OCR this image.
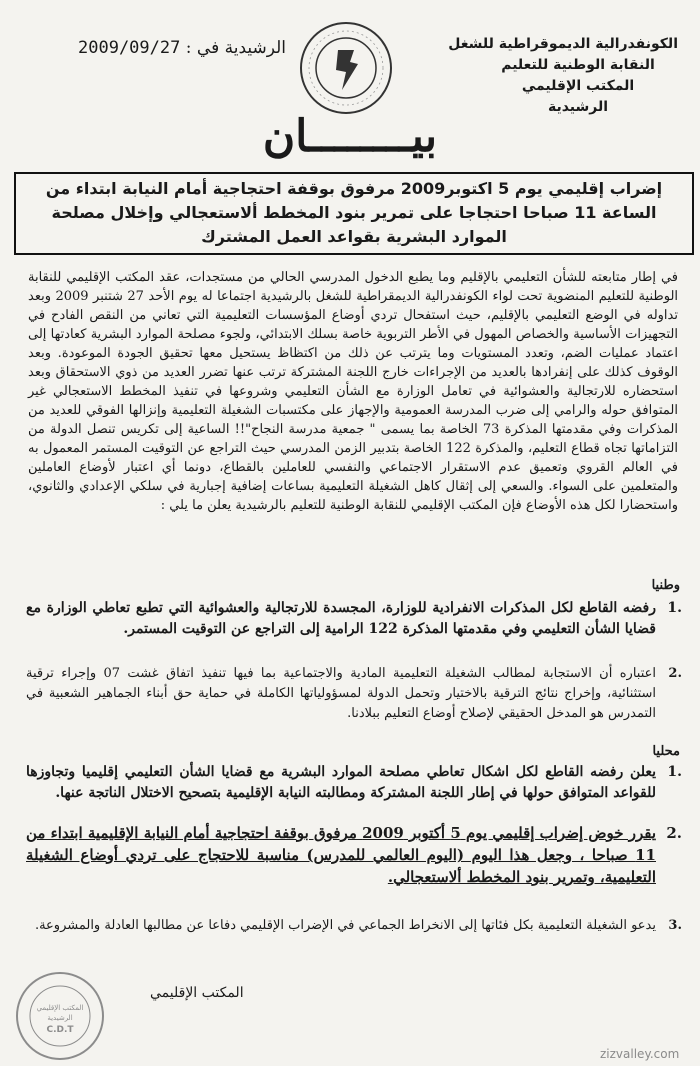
الكونفدرالية الديموقراطية للشغل
النقابة الوطنية للتعليم
المكتب الإقليمي
الرشيدية
الرشيدية في : 2009/09/27
بيــــــــان
إضراب إقليمي يوم 5 اكتوبر2009 مرفوق بوقفة احتجاجية أمام النيابة ابتداء من الساعة 11 صباحا احتجاجا على تمرير بنود المخطط ألاستعجالي وإخلال مصلحة الموارد البشرية بقواعد العمل المشترك
في إطار متابعته للشأن التعليمي بالإقليم وما يطبع الدخول المدرسي الحالي من مستجدات، عقد المكتب الإقليمي للنقابة الوطنية للتعليم المنضوية تحت لواء الكونفدرالية الديمقراطية للشغل بالرشيدية اجتماعا له يوم الأحد 27 شتنبر 2009 وبعد تداوله في الوضع التعليمي بالإقليم، حيث استفحال تردي أوضاع المؤسسات التعليمية التي تعاني من النقص الفادح في التجهيزات الأساسية والخصاص المهول في الأطر التربوية خاصة بسلك الابتدائي، ولجوء مصلحة الموارد البشرية كعادتها إلى اعتماد عمليات الضم، وتعدد المستويات وما يترتب عن ذلك من اكتظاظ يستحيل معها تحقيق الجودة الموعودة. وبعد الوقوف كذلك على إنفرادها بالعديد من الإجراءات خارج اللجنة المشتركة ترتب عنها تضرر العديد من ذوي الاستحقاق وبعد استحضاره للارتجالية والعشوائية في تعامل الوزارة مع الشأن التعليمي وشروعها في تنفيذ المخطط الاستعجالي غير المتوافق حوله والرامي إلى ضرب المدرسة العمومية والإجهاز على مكتسبات الشغيلة التعليمية وإنزالها الفوقي للعديد من المذكرات وفي مقدمتها المذكرة 73 الخاصة بما يسمى " جمعية مدرسة النجاح"!! الساعية إلى تكريس تنصل الدولة من التزاماتها تجاه قطاع التعليم، والمذكرة 122 الخاصة بتدبير الزمن المدرسي حيث التراجع عن التوقيت المستمر المعمول به في العالم القروي وتعميق عدم الاستقرار الاجتماعي والنفسي للعاملين بالقطاع، دونما أي اعتبار لأوضاع العاملين والمتعلمين على السواء. والسعي إلى إثقال كاهل الشغيلة التعليمية بساعات إضافية إجبارية في سلكي الإعدادي والثانوي، واستحضارا لكل هذه الأوضاع فإن المكتب الإقليمي للنقابة الوطنية للتعليم بالرشيدية يعلن ما يلي :
وطنيا
.1
رفضه القاطع لكل المذكرات الانفرادية للوزارة، المجسدة للارتجالية والعشوائية التي تطبع تعاطي الوزارة مع قضايا الشأن التعليمي وفي مقدمتها المذكرة 122 الرامية إلى التراجع عن التوقيت المستمر.
.2
اعتباره أن الاستجابة لمطالب الشغيلة التعليمية المادية والاجتماعية بما فيها تنفيذ اتفاق غشت 07 وإجراء ترقية استثنائية، وإخراج نتائج الترقية بالاختيار وتحمل الدولة لمسؤولياتها الكاملة في حماية حق أبناء الجماهير الشعبية في التمدرس هو المدخل الحقيقي لإصلاح أوضاع التعليم ببلادنا.
محليا
.1
يعلن رفضه القاطع لكل اشكال تعاطي مصلحة الموارد البشرية مع قضايا الشأن التعليمي إقليميا وتجاوزها للقواعد المتوافق حولها في إطار اللجنة المشتركة ومطالبته النيابة الإقليمية بتصحيح الاختلال الناتجة عنها.
.2
يقرر خوض إضراب إقليمي يوم 5 أكتوبر 2009 مرفوق بوقفة احتجاجية أمام النيابة الإقليمية ابتداء من 11 صباحا ، وجعل هذا اليوم (اليوم العالمي للمدرس) مناسبة للاحتجاج على تردي أوضاع الشغيلة التعليمية، وتمرير بنود المخطط ألاستعجالي.
.3
يدعو الشغيلة التعليمية بكل فئاتها إلى الانخراط الجماعي في الإضراب الإقليمي دفاعا عن مطالبها العادلة والمشروعة.
المكتب الإقليمي
المكتب الإقليمي
الرشيدية
C.D.T
zizvalley.com
